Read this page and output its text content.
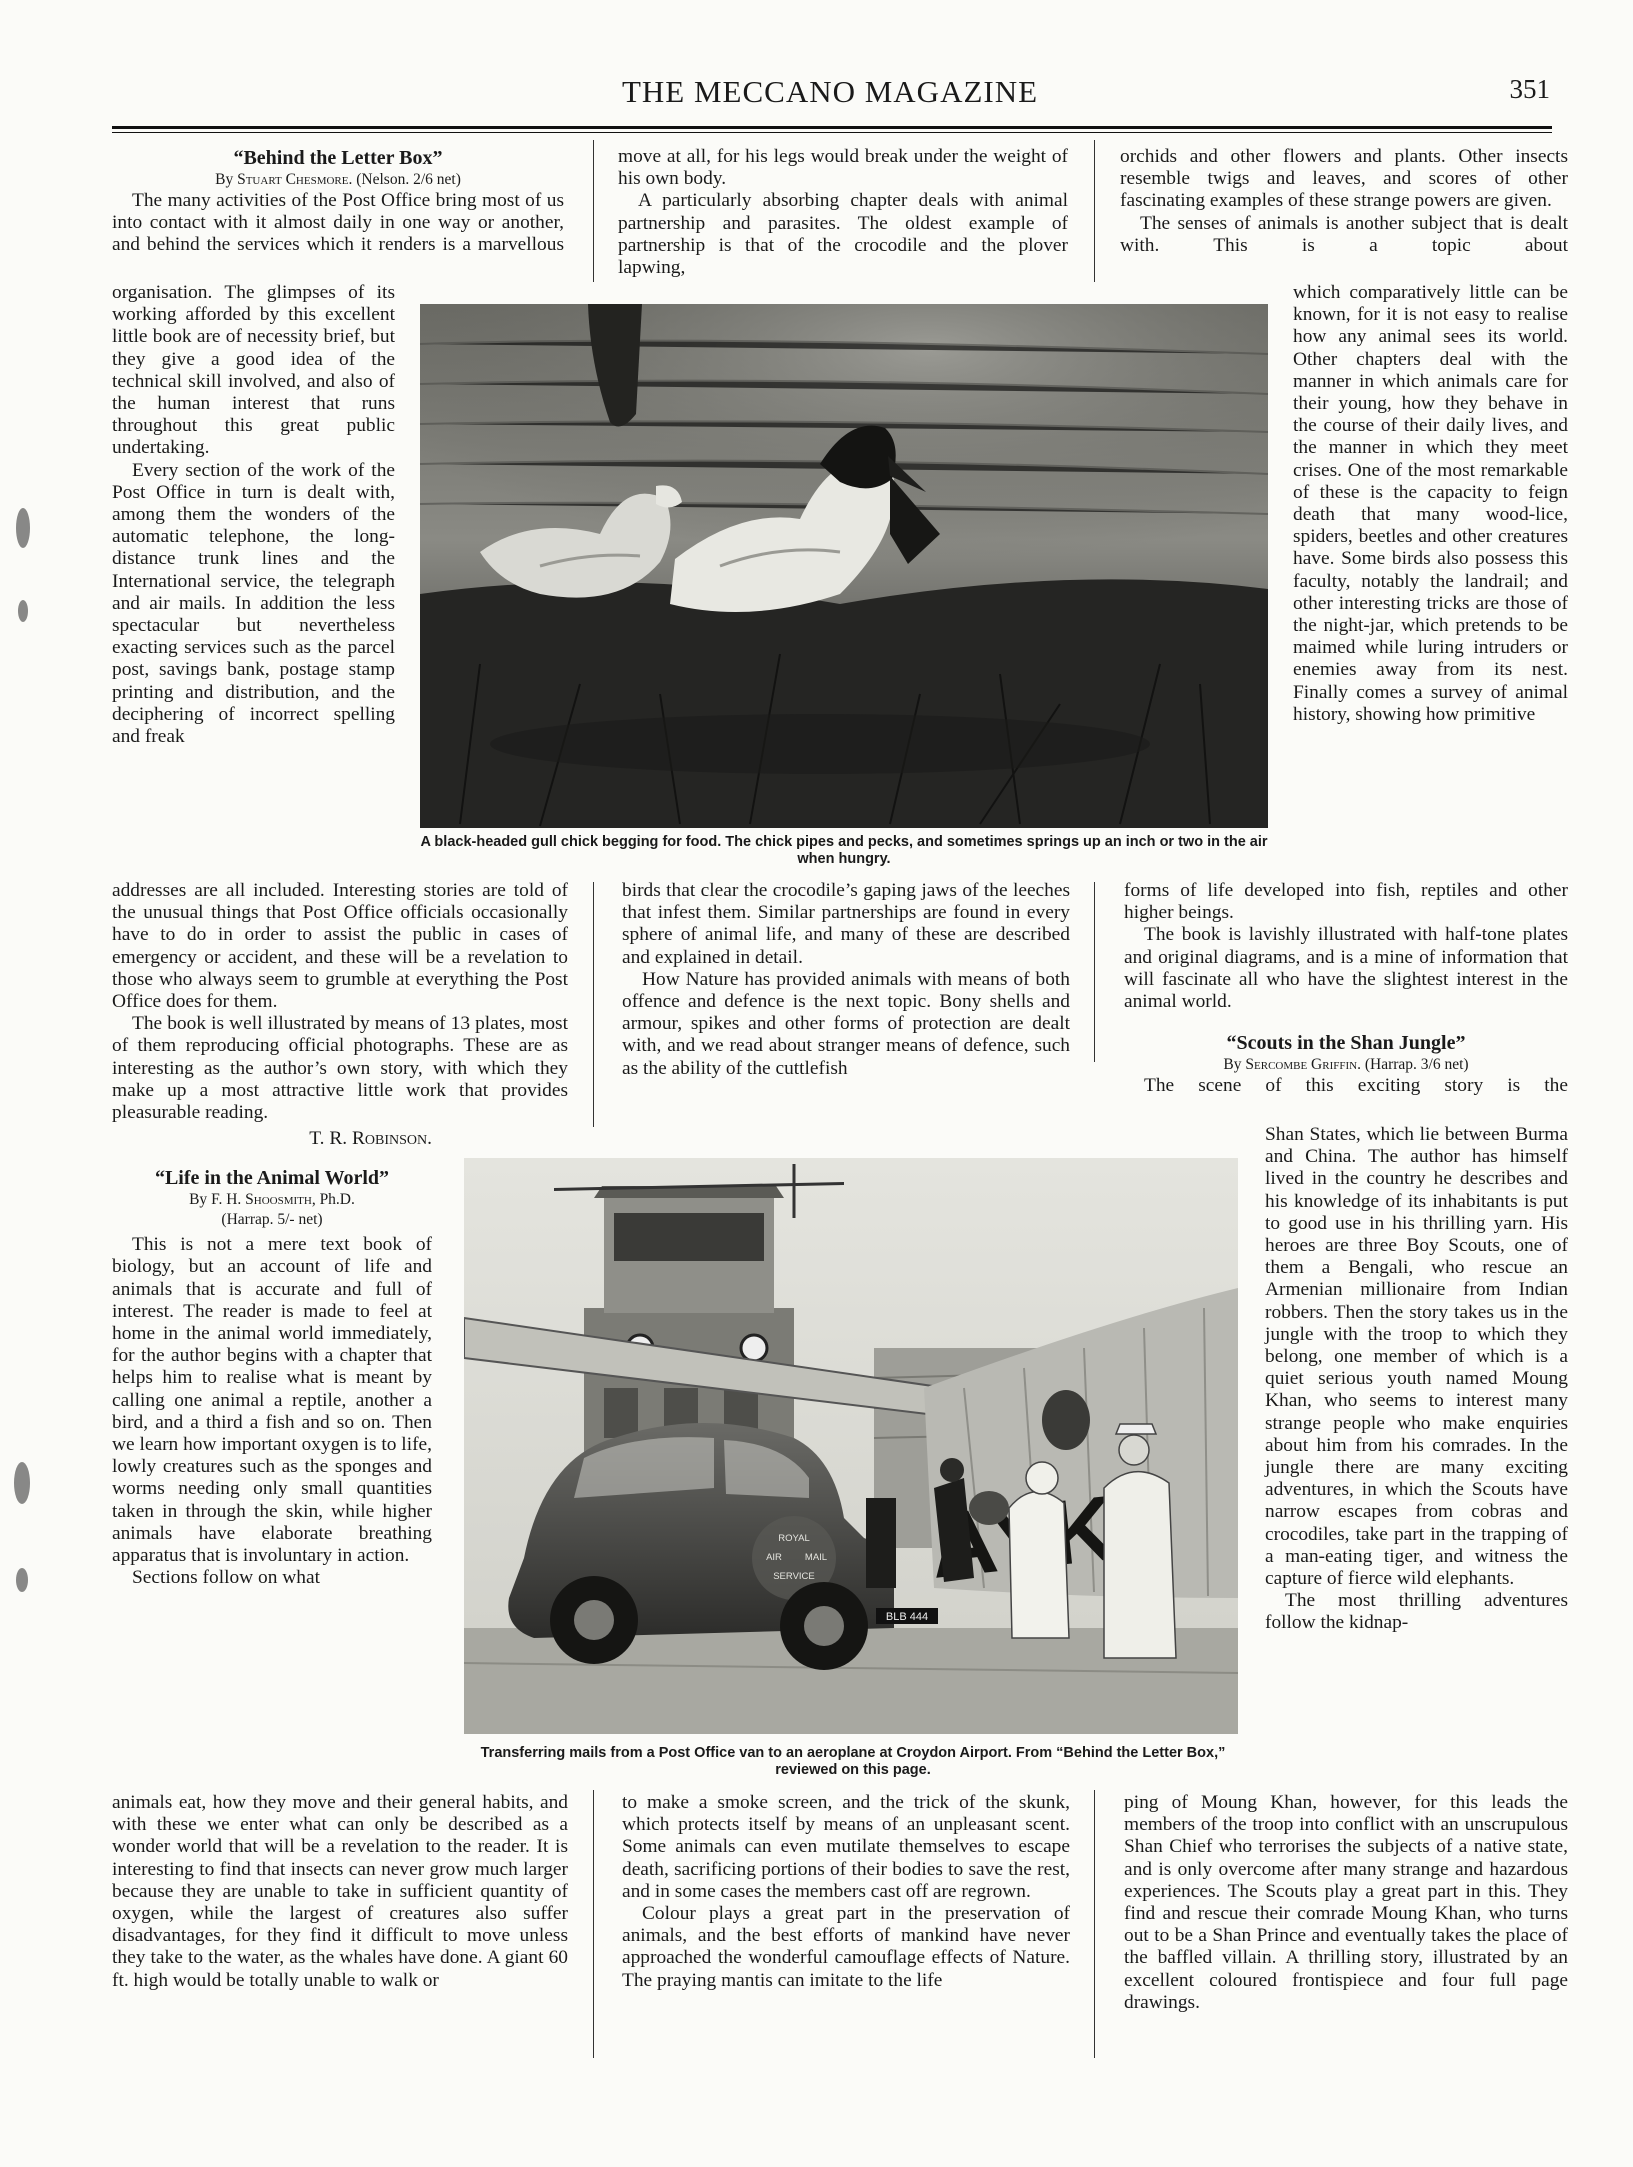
THE MECCANO MAGAZINE	351

“Behind the Letter Box”

By Stuart Chesmore. (Nelson. 2/6 net)

The many activities of the Post Office bring most of us into contact with it almost daily in one way or another, and behind the services which it renders is a marvellous

organisation. The glimpses of its working afforded by this excellent little book are of necessity brief, but they give a good idea of the technical skill involved, and also of the human interest that runs throughout this great public undertaking.

Every section of the work of the Post Office in turn is dealt with, among them the wonders of the automatic telephone, the long-distance trunk lines and the International service, the telegraph and air mails. In addition the less spectacular but nevertheless exacting services such as the parcel post, savings bank, postage stamp printing and distribution, and the deciphering of incorrect spelling and freak

addresses are all included. Interesting stories are told of the unusual things that Post Office officials occasionally have to do in order to assist the public in cases of emergency or accident, and these will be a revelation to those who always seem to grumble at everything the Post Office does for them.

The book is well illustrated by means of 13 plates, most of them reproducing official photographs. These are as interesting as the author’s own story, with which they make up a most attractive little work that provides pleasurable reading.

T. R. Robinson.

“Life in the Animal World”

By F. H. Shoosmith, Ph.D.

(Harrap. 5/- net)

This is not a mere text book of biology, but an account of life and animals that is accurate and full of interest. The reader is made to feel at home in the animal world immediately, for the author begins with a chapter that helps him to realise what is meant by calling one animal a reptile, another a bird, and a third a fish and so on. Then we learn how important oxygen is to life, lowly creatures such as the sponges and worms needing only small quantities taken in through the skin, while higher animals have elaborate breathing apparatus that is involuntary in action.

Sections follow on what

animals eat, how they move and their general habits, and with these we enter what can only be described as a wonder world that will be a revelation to the reader. It is interesting to find that insects can never grow much larger because they are unable to take in sufficient quantity of oxygen, while the largest of creatures also suffer disadvantages, for they find it difficult to move unless they take to the water, as the whales have done. A giant 60 ft. high would be totally unable to walk or

move at all, for his legs would break under the weight of his own body.

A particularly absorbing chapter deals with animal partnership and parasites. The oldest example of partnership is that of the crocodile and the plover lapwing,

birds that clear the crocodile’s gaping jaws of the leeches that infest them. Similar partnerships are found in every sphere of animal life, and many of these are described and explained in detail.

How Nature has provided animals with means of both offence and defence is the next topic. Bony shells and armour, spikes and other forms of protection are dealt with, and we read about stranger means of defence, such as the ability of the cuttlefish

to make a smoke screen, and the trick of the skunk, which protects itself by means of an unpleasant scent. Some animals can even mutilate themselves to escape death, sacrificing portions of their bodies to save the rest, and in some cases the members cast off are regrown.

Colour plays a great part in the preservation of animals, and the best efforts of mankind have never approached the wonderful camouflage effects of Nature. The praying mantis can imitate to the life

orchids and other flowers and plants. Other insects resemble twigs and leaves, and scores of other fascinating examples of these strange powers are given.

The senses of animals is another subject that is dealt with. This is a topic about

which comparatively little can be known, for it is not easy to realise how any animal sees its world. Other chapters deal with the manner in which animals care for their young, how they behave in the course of their daily lives, and the manner in which they meet crises. One of the most remarkable of these is the capacity to feign death that many wood-lice, spiders, beetles and other creatures have. Some birds also possess this faculty, notably the landrail; and other interesting tricks are those of the night-jar, which pretends to be maimed while luring intruders or enemies away from its nest. Finally comes a survey of animal history, showing how primitive

forms of life developed into fish, reptiles and other higher beings.

The book is lavishly illustrated with half-tone plates and original diagrams, and is a mine of information that will fascinate all who have the slightest interest in the animal world.

“Scouts in the Shan Jungle”

By Sercombe Griffin. (Harrap. 3/6 net)

The scene of this exciting story is the

Shan States, which lie between Burma and China. The author has himself lived in the country he describes and his knowledge of its inhabitants is put to good use in his thrilling yarn. His heroes are three Boy Scouts, one of them a Bengali, who rescue an Armenian millionaire from Indian robbers. Then the story takes us in the jungle with the troop to which they belong, one member of which is a quiet serious youth named Moung Khan, who seems to interest many strange people who make enquiries about him from his comrades. In the jungle there are many exciting adventures, in which the Scouts have narrow escapes from cobras and crocodiles, take part in the trapping of a man-eating tiger, and witness the capture of fierce wild elephants.

The most thrilling adventures follow the kidnap-

ping of Moung Khan, however, for this leads the members of the troop into conflict with an unscrupulous Shan Chief who terrorises the subjects of a native state, and is only overcome after many strange and hazardous experiences. The Scouts play a great part in this. They find and rescue their comrade Moung Khan, who turns out to be a Shan Prince and eventually takes the place of the baffled villain. A thrilling story, illustrated by an excellent coloured frontispiece and four full page drawings.

A black-headed gull chick begging for food. The chick pipes and pecks, and sometimes springs up an inch or two in the air when hungry.
ROYAL
AIR MAIL
SERVICE
BLB 444
Transferring mails from a Post Office van to an aeroplane at Croydon Airport. From “Behind the Letter Box,” reviewed on this page.
